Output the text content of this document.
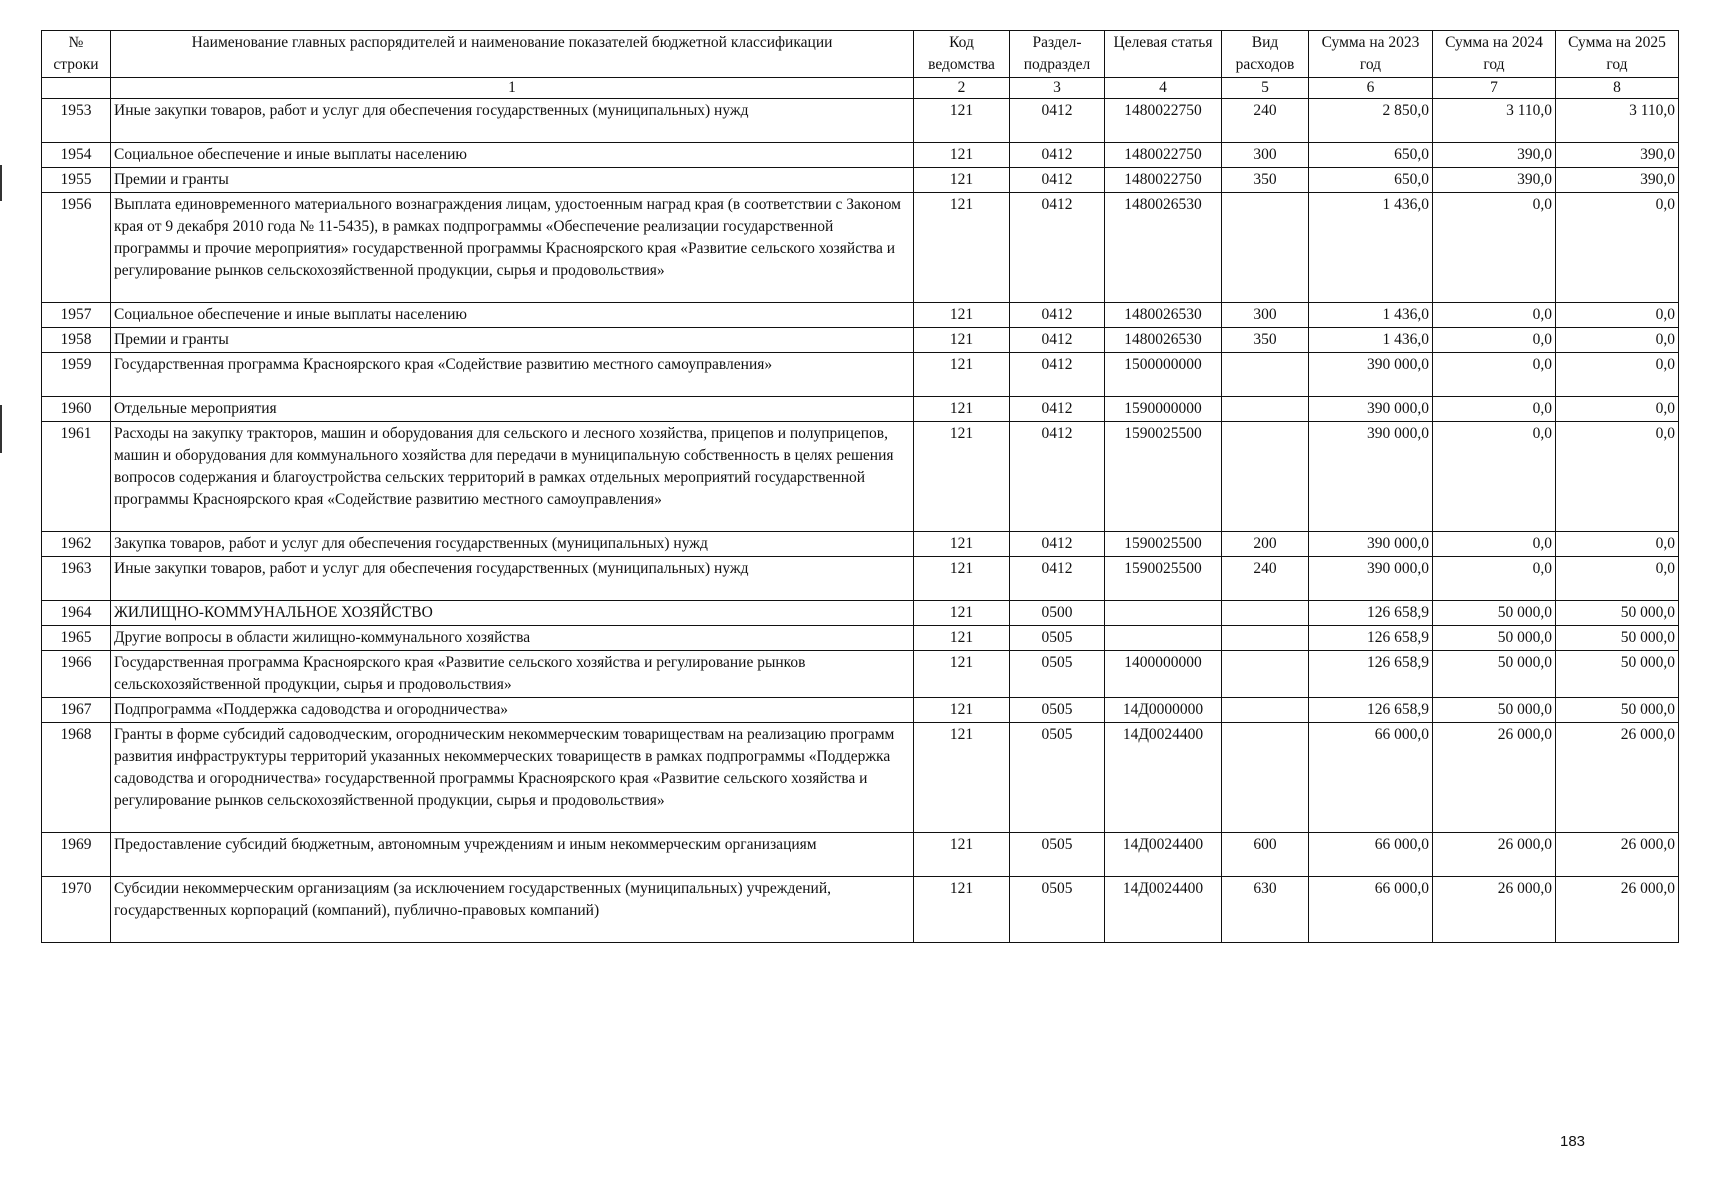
№ строки	Наименование главных распорядителей и наименование показателей бюджетной классификации	Код ведомства	Раздел-подраздел	Целевая статья	Вид расходов	Сумма на 2023 год	Сумма на 2024 год	Сумма на 2025 год
	1	2	3	4	5	6	7	8
1953	Иные закупки товаров, работ и услуг для обеспечения государственных (муниципальных) нужд	121	0412	1480022750	240	2 850,0	3 110,0	3 110,0
1954	Социальное обеспечение и иные выплаты населению	121	0412	1480022750	300	650,0	390,0	390,0
1955	Премии и гранты	121	0412	1480022750	350	650,0	390,0	390,0
1956	Выплата единовременного материального вознаграждения лицам, удостоенным наград края (в соответствии с Законом края от 9 декабря 2010 года № 11-5435), в рамках подпрограммы «Обеспечение реализации государственной программы и прочие мероприятия» государственной программы Красноярского края «Развитие сельского хозяйства и регулирование рынков сельскохозяйственной продукции, сырья и продовольствия»	121	0412	1480026530		1 436,0	0,0	0,0
1957	Социальное обеспечение и иные выплаты населению	121	0412	1480026530	300	1 436,0	0,0	0,0
1958	Премии и гранты	121	0412	1480026530	350	1 436,0	0,0	0,0
1959	Государственная программа Красноярского края «Содействие развитию местного самоуправления»	121	0412	1500000000		390 000,0	0,0	0,0
1960	Отдельные мероприятия	121	0412	1590000000		390 000,0	0,0	0,0
1961	Расходы на закупку тракторов, машин и оборудования для сельского и лесного хозяйства, прицепов и полуприцепов, машин и оборудования для коммунального хозяйства для передачи в муниципальную собственность в целях решения вопросов содержания и благоустройства сельских территорий в рамках отдельных мероприятий государственной программы Красноярского края «Содействие развитию местного самоуправления»	121	0412	1590025500		390 000,0	0,0	0,0
1962	Закупка товаров, работ и услуг для обеспечения государственных (муниципальных) нужд	121	0412	1590025500	200	390 000,0	0,0	0,0
1963	Иные закупки товаров, работ и услуг для обеспечения государственных (муниципальных) нужд	121	0412	1590025500	240	390 000,0	0,0	0,0
1964	ЖИЛИЩНО-КОММУНАЛЬНОЕ ХОЗЯЙСТВО	121	0500			126 658,9	50 000,0	50 000,0
1965	Другие вопросы в области жилищно-коммунального хозяйства	121	0505			126 658,9	50 000,0	50 000,0
1966	Государственная программа Красноярского края «Развитие сельского хозяйства и регулирование рынков сельскохозяйственной продукции, сырья и продовольствия»	121	0505	1400000000		126 658,9	50 000,0	50 000,0
1967	Подпрограмма «Поддержка садоводства и огородничества»	121	0505	14Д0000000		126 658,9	50 000,0	50 000,0
1968	Гранты в форме субсидий садоводческим, огородническим некоммерческим товариществам на реализацию программ развития инфраструктуры территорий указанных некоммерческих товариществ в рамках подпрограммы «Поддержка садоводства и огородничества» государственной программы Красноярского края «Развитие сельского хозяйства и регулирование рынков сельскохозяйственной продукции, сырья и продовольствия»	121	0505	14Д0024400		66 000,0	26 000,0	26 000,0
1969	Предоставление субсидий бюджетным, автономным учреждениям и иным некоммерческим организациям	121	0505	14Д0024400	600	66 000,0	26 000,0	26 000,0
1970	Субсидии некоммерческим организациям (за исключением государственных (муниципальных) учреждений, государственных корпораций (компаний), публично-правовых компаний)	121	0505	14Д0024400	630	66 000,0	26 000,0	26 000,0
183
